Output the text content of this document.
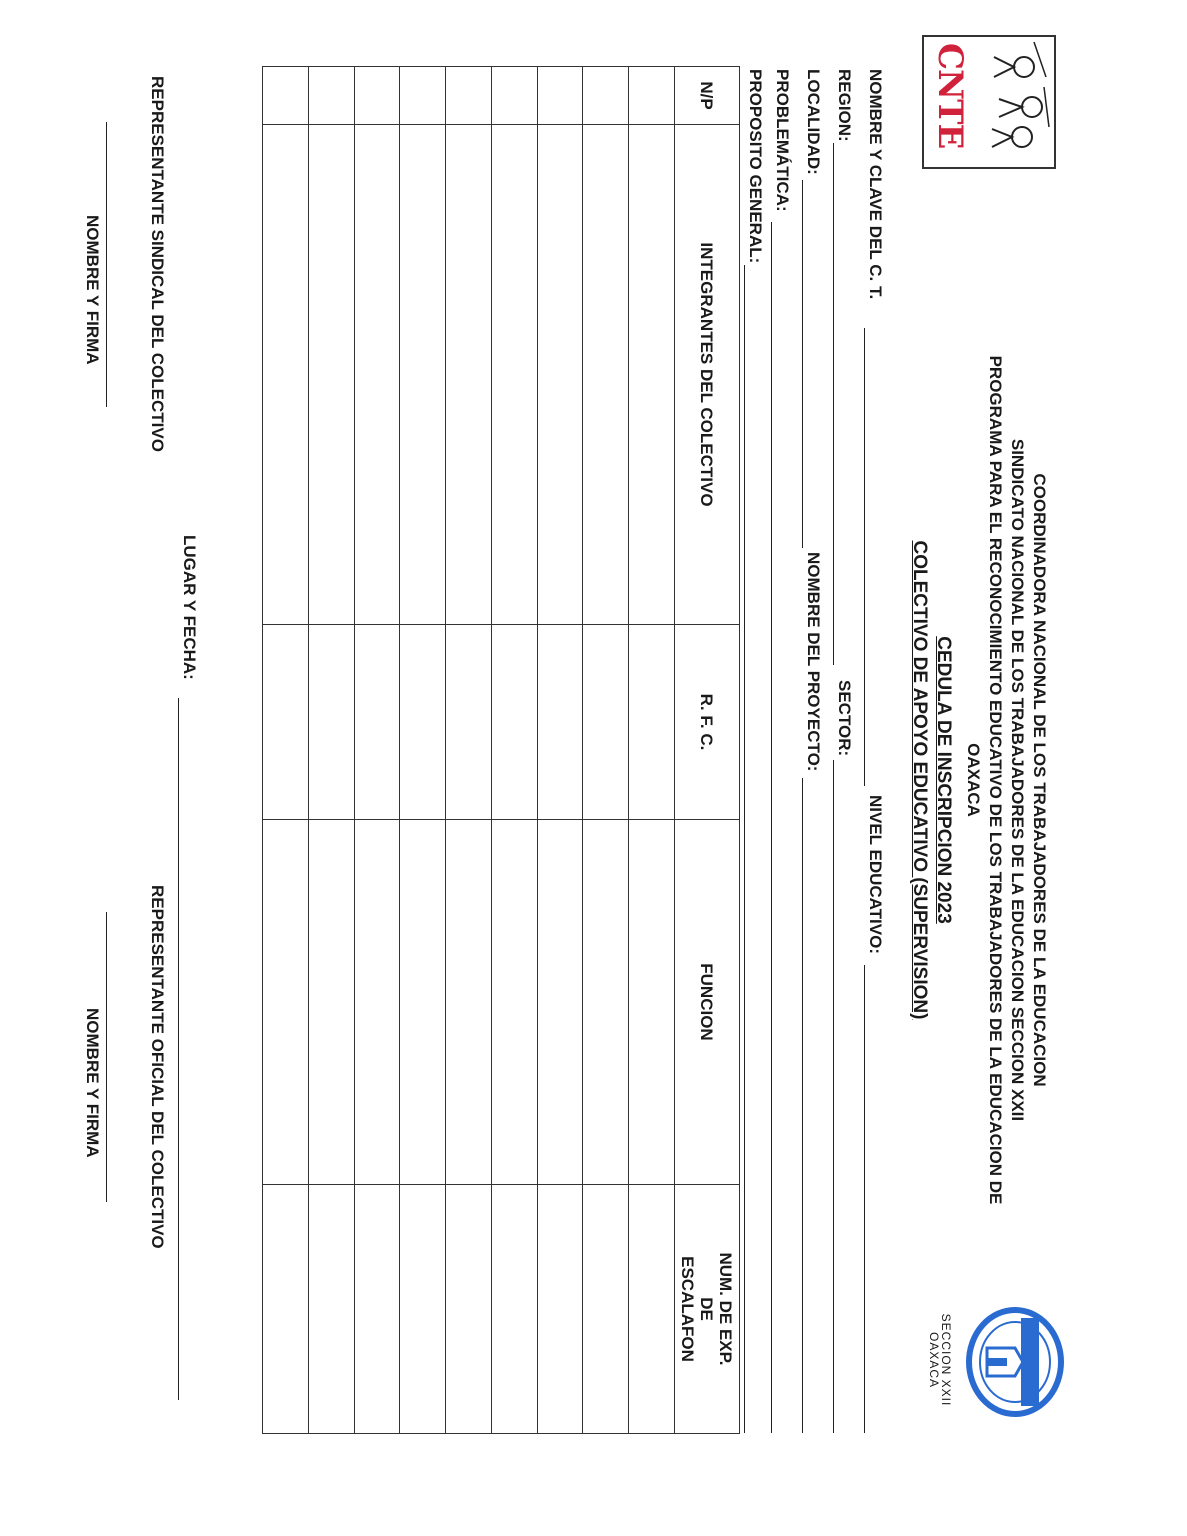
CNTE
COORDINADORA NACIONAL DE LOS TRABAJADORES DE LA EDUCACION
SINDICATO NACIONAL DE LOS TRABAJADORES DE LA EDUCACION SECCION XXII
PROGRAMA PARA EL RECONOCIMIENTO EDUCATIVO DE LOS TRABAJADORES DE LA EDUCACION DE
OAXACA
SECCION XXII
OAXACA
CEDULA DE INSCRIPCION 2023
COLECTIVO DE APOYO EDUCATIVO (SUPERVISION)
NOMBRE Y CLAVE DEL C. T.
NIVEL EDUCATIVO:
REGION:
SECTOR:
LOCALIDAD:
NOMBRE DEL PROYECTO:
PROBLEMÁTICA:
PROPOSITO GENERAL:
N/P	INTEGRANTES DEL COLECTIVO	R. F. C.	FUNCION	NUM. DE EXP. DE ESCALAFON

LUGAR Y FECHA:
REPRESENTANTE SINDICAL DEL COLECTIVO
REPRESENTANTE OFICIAL DEL COLECTIVO
NOMBRE Y FIRMA
NOMBRE Y FIRMA
